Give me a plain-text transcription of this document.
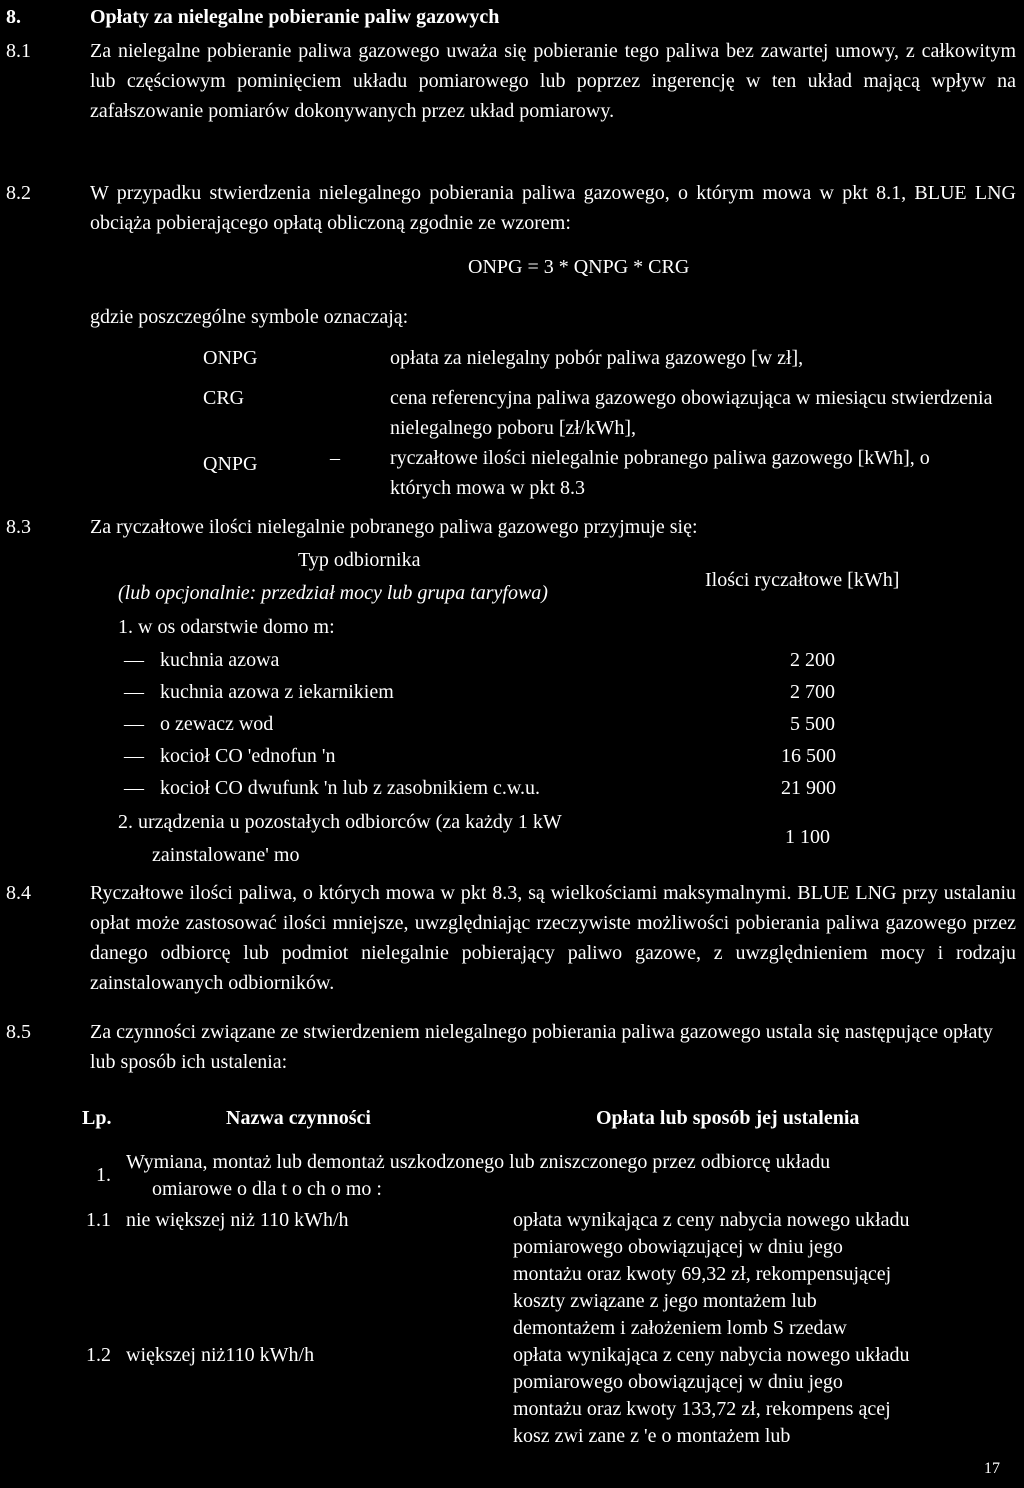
8.	Opłaty za nielegalne pobieranie paliw gazowych
8.1	Za nielegalne pobieranie paliwa gazowego uważa się pobieranie tego paliwa bez zawartej umowy, z całkowitym lub częściowym pominięciem układu pomiarowego lub poprzez ingerencję w ten układ mającą wpływ na zafałszowanie pomiarów dokonywanych przez układ pomiarowy.
8.2	W przypadku stwierdzenia nielegalnego pobierania paliwa gazowego, o którym mowa w pkt 8.1, BLUE LNG obciąża pobierającego opłatą obliczoną zgodnie ze wzorem:
ONPG = 3 * QNPG * CRG
gdzie poszczególne symbole oznaczają:
ONPG	opłata za nielegalny pobór paliwa gazowego [w zł],
CRG	cena referencyjna paliwa gazowego obowiązująca w miesiącu stwierdzenia nielegalnego poboru [zł/kWh],
QNPG	–	ryczałtowe ilości nielegalnie pobranego paliwa gazowego [kWh], o których mowa w pkt 8.3
8.3	Za ryczałtowe ilości nielegalnie pobranego paliwa gazowego przyjmuje się:
Typ odbiornika
(lub opcjonalnie: przedział mocy lub grupa taryfowa)
Ilości ryczałtowe [kWh]
1. w os odarstwie domo m:
— kuchnia azowa	2 200
— kuchnia azowa z iekarnikiem	2 700
— o zewacz wod	5 500
— kocioł CO 'ednofun 'n	16 500
— kocioł CO dwufunk 'n lub z zasobnikiem c.w.u.	21 900
2. urządzenia u pozostałych odbiorców (za każdy 1 kW
zainstalowane' mo
1 100
8.4	Ryczałtowe ilości paliwa, o których mowa w pkt 8.3, są wielkościami maksymalnymi. BLUE LNG przy ustalaniu opłat może zastosować ilości mniejsze, uwzględniając rzeczywiste możliwości pobierania paliwa gazowego przez danego odbiorcę lub podmiot nielegalnie pobierający paliwo gazowe, z uwzględnieniem mocy i rodzaju zainstalowanych odbiorników.
8.5	Za czynności związane ze stwierdzeniem nielegalnego pobierania paliwa gazowego ustala się następujące opłaty lub sposób ich ustalenia:
Lp.	Nazwa czynności	Opłata lub sposób jej ustalenia
1.
Wymiana, montaż lub demontaż uszkodzonego lub zniszczonego przez odbiorcę układu
omiarowe o dla t o ch o mo :
1.1 nie większej niż 110 kWh/h	opłata wynikająca z ceny nabycia nowego układu
pomiarowego obowiązującej w dniu jego
montażu oraz kwoty 69,32 zł, rekompensującej
koszty związane z jego montażem lub
demontażem i założeniem lomb S rzedaw
1.2 większej niż110 kWh/h	opłata wynikająca z ceny nabycia nowego układu
pomiarowego obowiązującej w dniu jego
montażu oraz kwoty 133,72 zł, rekompens ącej
kosz zwi zane z 'e o montażem lub
17
